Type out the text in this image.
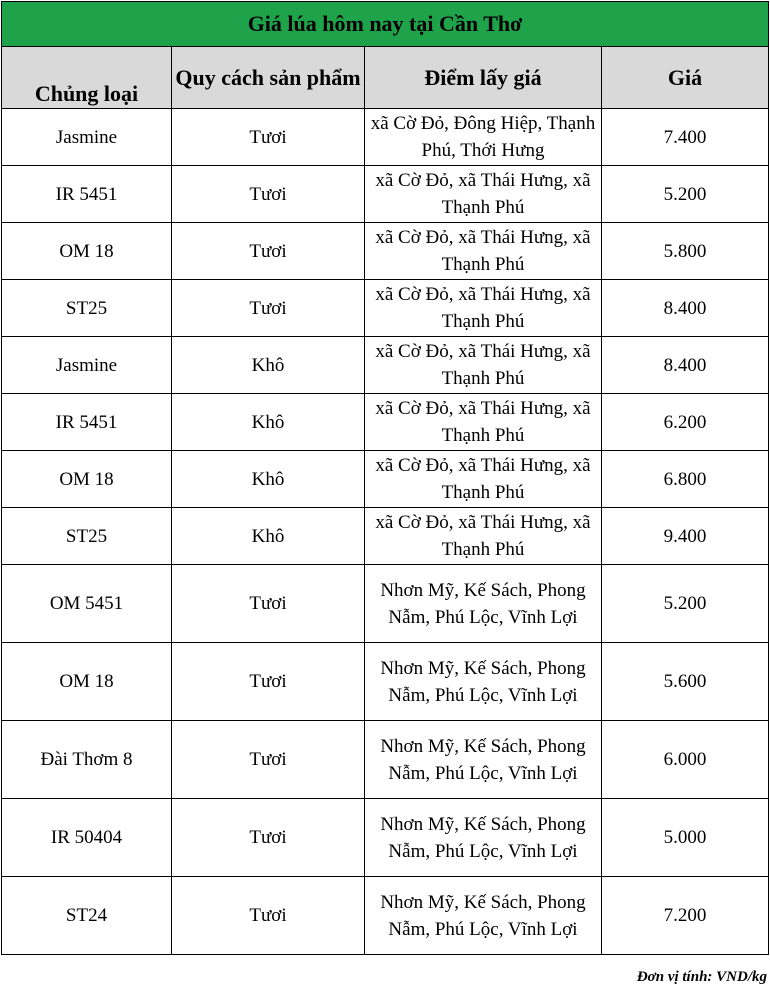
Giá lúa hôm nay tại Cần Thơ			
Chủng loại	Quy cách sản phẩm	Điểm lấy giá	Giá
Jasmine	Tươi	xã Cờ Đỏ, Đông Hiệp, Thạnh Phú, Thới Hưng	7.400
IR 5451	Tươi	xã Cờ Đỏ, xã Thái Hưng, xã Thạnh Phú	5.200
OM 18	Tươi	xã Cờ Đỏ, xã Thái Hưng, xã Thạnh Phú	5.800
ST25	Tươi	xã Cờ Đỏ, xã Thái Hưng, xã Thạnh Phú	8.400
Jasmine	Khô	xã Cờ Đỏ, xã Thái Hưng, xã Thạnh Phú	8.400
IR 5451	Khô	xã Cờ Đỏ, xã Thái Hưng, xã Thạnh Phú	6.200
OM 18	Khô	xã Cờ Đỏ, xã Thái Hưng, xã Thạnh Phú	6.800
ST25	Khô	xã Cờ Đỏ, xã Thái Hưng, xã Thạnh Phú	9.400
OM 5451	Tươi	Nhơn Mỹ, Kế Sách, Phong Nẫm, Phú Lộc, Vĩnh Lợi	5.200
OM 18	Tươi	Nhơn Mỹ, Kế Sách, Phong Nẫm, Phú Lộc, Vĩnh Lợi	5.600
Đài Thơm 8	Tươi	Nhơn Mỹ, Kế Sách, Phong Nẫm, Phú Lộc, Vĩnh Lợi	6.000
IR 50404	Tươi	Nhơn Mỹ, Kế Sách, Phong Nẫm, Phú Lộc, Vĩnh Lợi	5.000
ST24	Tươi	Nhơn Mỹ, Kế Sách, Phong Nẫm, Phú Lộc, Vĩnh Lợi	7.200
Đơn vị tính: VND/kg
